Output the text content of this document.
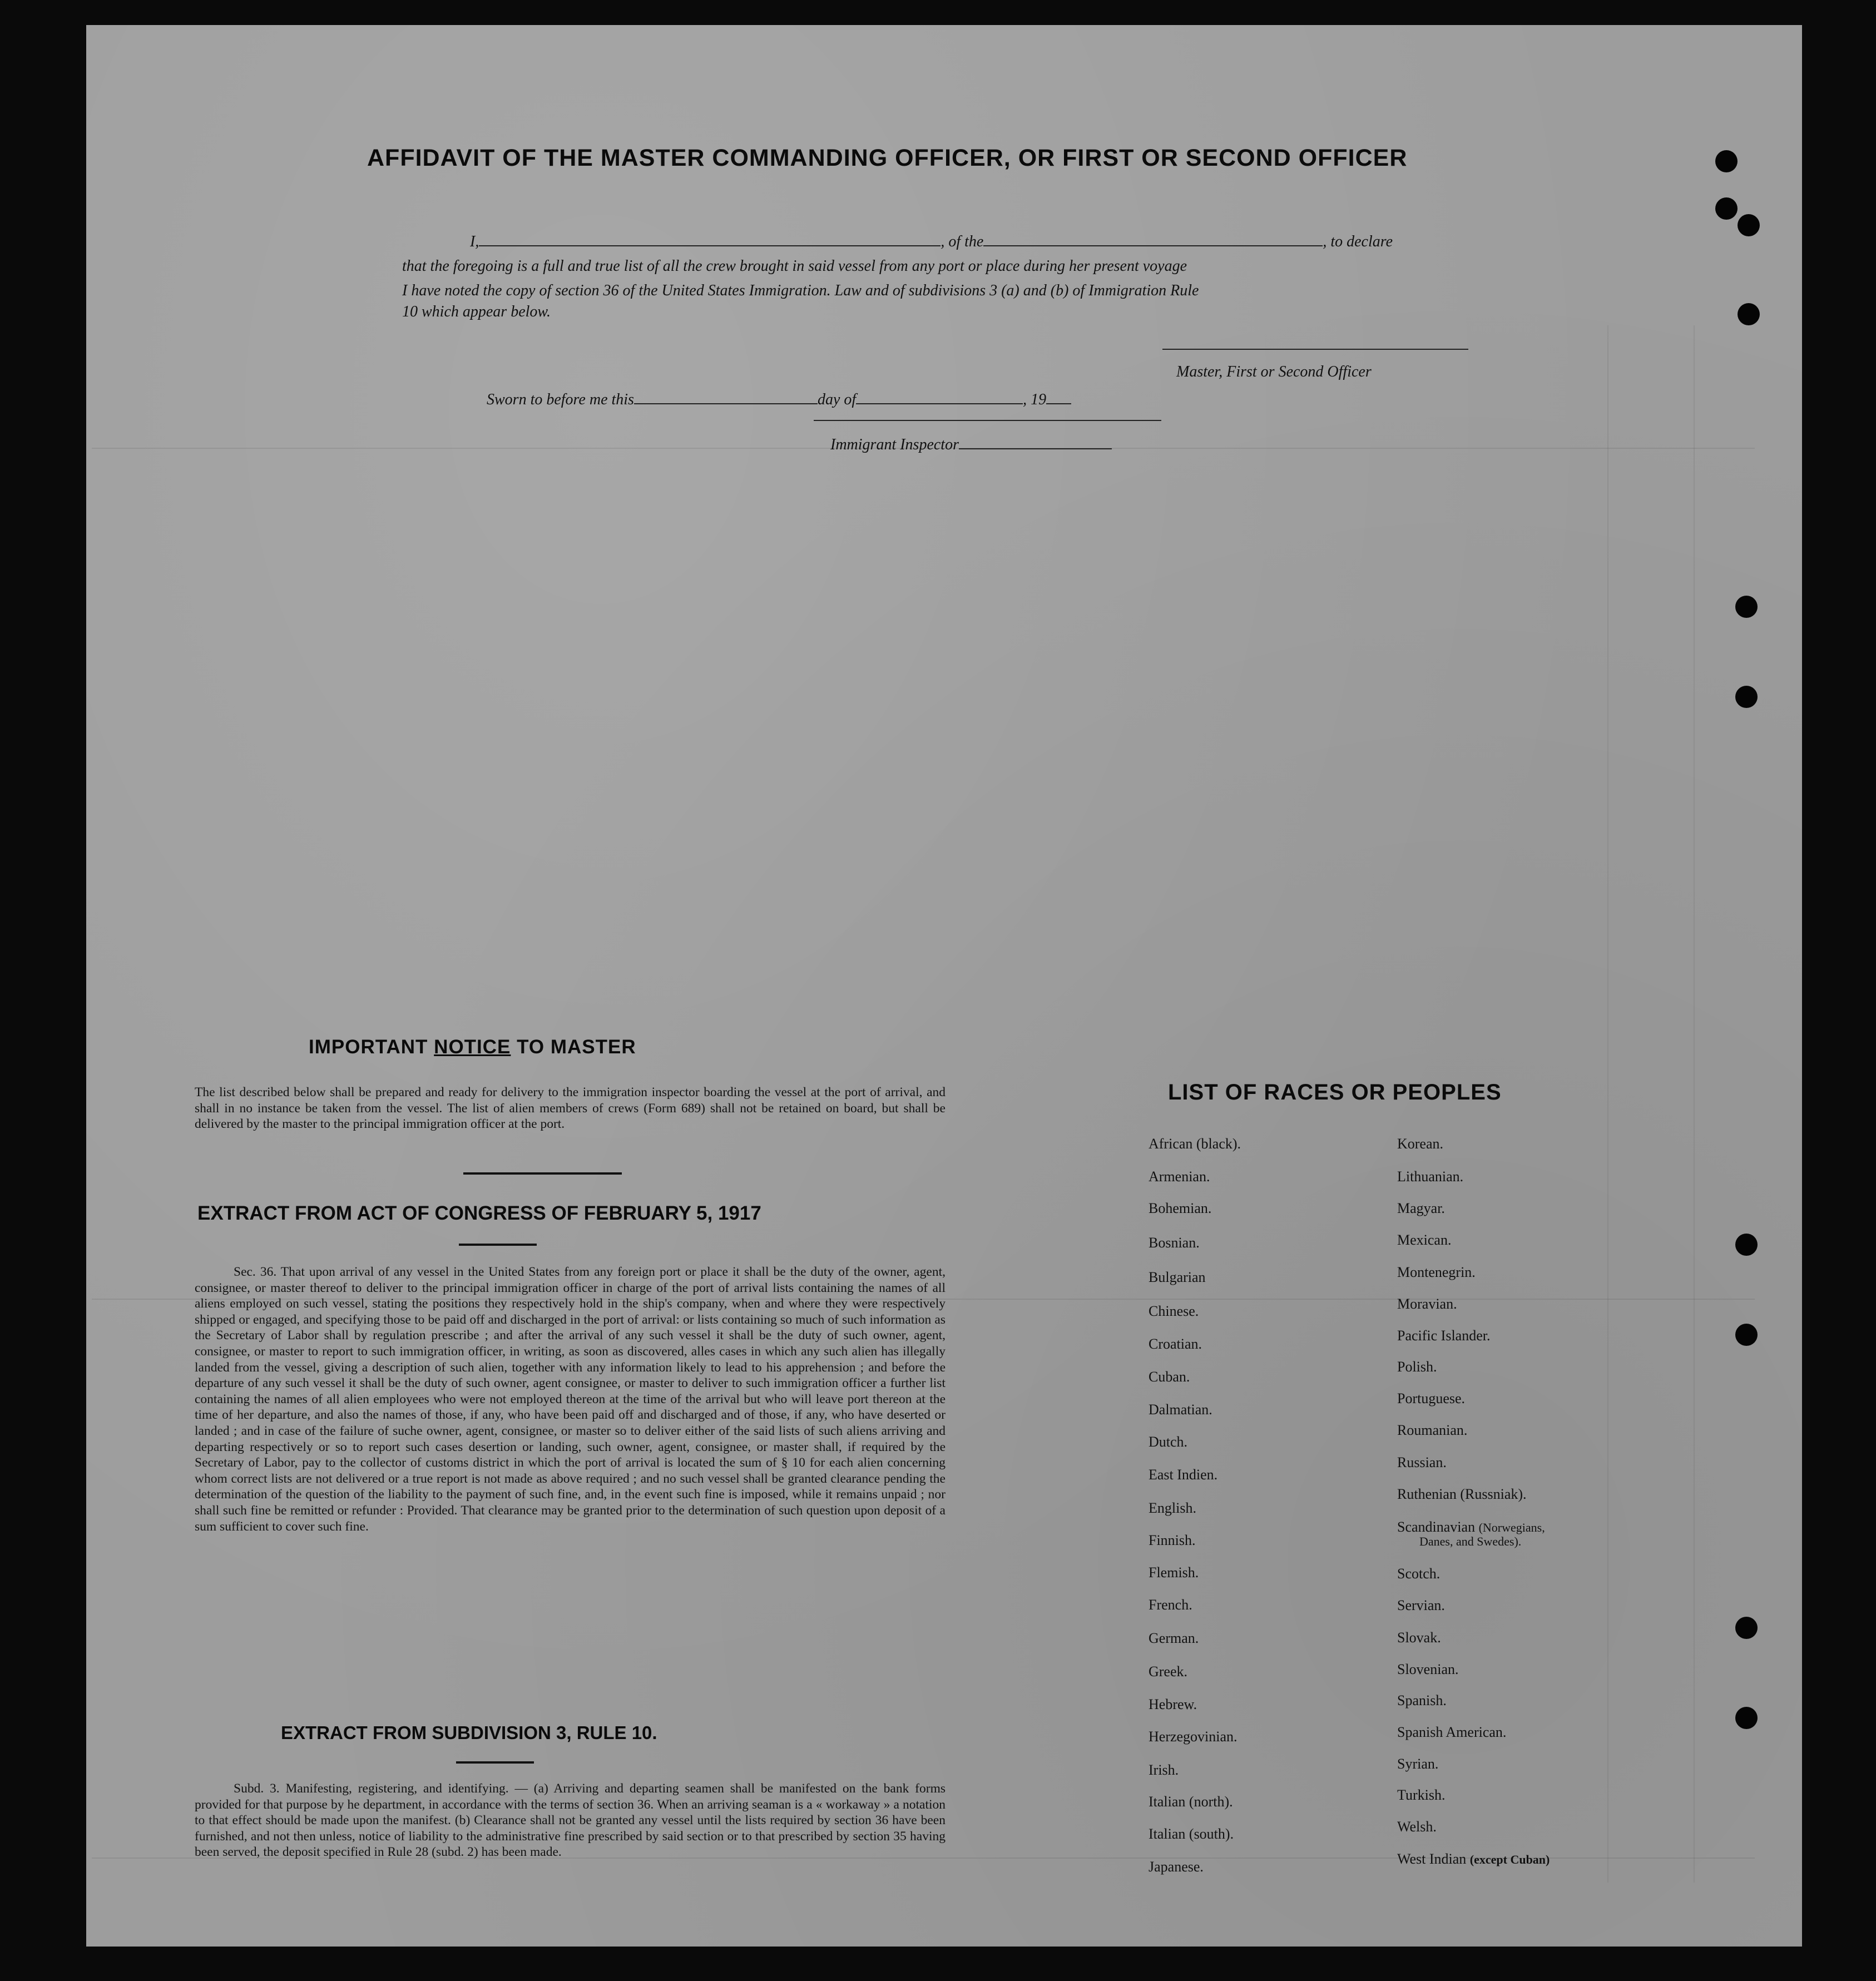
AFFIDAVIT OF THE MASTER COMMANDING OFFICER, OR FIRST OR SECOND OFFICER
I,	, of the	, to declare
that the foregoing is a full and true list of all the crew brought in said vessel from any port or place during her present voyage
I have noted the copy of section 36 of the United States Immigration. Law and of subdivisions 3 (a) and (b) of Immigration Rule
10 which appear below.
Master, First or Second Officer
Sworn to before me this	day of	, 19
Immigrant Inspector
IMPORTANT NOTICE TO MASTER

The list described below shall be prepared and ready for delivery to the immigration inspector boarding the vessel at the port of arrival, and shall in no instance be taken from the vessel. The list of alien members of crews (Form 689) shall not be retained on board, but shall be delivered by the master to the principal immigration officer at the port.

EXTRACT FROM ACT OF CONGRESS OF FEBRUARY 5, 1917

Sec. 36. That upon arrival of any vessel in the United States from any foreign port or place it shall be the duty of the owner, agent, consignee, or master thereof to deliver to the principal immigration officer in charge of the port of arrival lists containing the names of all aliens employed on such vessel, stating the positions they respectively hold in the ship's company, when and where they were respectively shipped or engaged, and specifying those to be paid off and discharged in the port of arrival: or lists containing so much of such information as the Secretary of Labor shall by regulation prescribe ; and after the arrival of any such vessel it shall be the duty of such owner, agent, consignee, or master to report to such immigration officer, in writing, as soon as discovered, alles cases in which any such alien has illegally landed from the vessel, giving a description of such alien, together with any information likely to lead to his apprehension ; and before the departure of any such vessel it shall be the duty of such owner, agent consignee, or master to deliver to such immigration officer a further list containing the names of all alien employees who were not employed thereon at the time of the arrival but who will leave port thereon at the time of her departure, and also the names of those, if any, who have been paid off and discharged and of those, if any, who have deserted or landed ; and in case of the failure of suche owner, agent, consignee, or master so to deliver either of the said lists of such aliens arriving and departing respectively or so to report such cases desertion or landing, such owner, agent, consignee, or master shall, if required by the Secretary of Labor, pay to the collector of customs district in which the port of arrival is located the sum of § 10 for each alien concerning whom correct lists are not delivered or a true report is not made as above required ; and no such vessel shall be granted clearance pending the determination of the question of the liability to the payment of such fine, and, in the event such fine is imposed, while it remains unpaid ; nor shall such fine be remitted or refunder : Provided. That clearance may be granted prior to the determination of such question upon deposit of a sum sufficient to cover such fine.

EXTRACT FROM SUBDIVISION 3, RULE 10.

Subd. 3. Manifesting, registering, and identifying. — (a) Arriving and departing seamen shall be manifested on the bank forms provided for that purpose by he department, in accordance with the terms of section 36. When an arriving seaman is a « workaway » a notation to that effect should be made upon the manifest. (b) Clearance shall not be granted any vessel until the lists required by section 36 have been furnished, and not then unless, notice of liability to the administrative fine prescribed by said section or to that prescribed by section 35 having been served, the deposit specified in Rule 28 (subd. 2) has been made.

LIST OF RACES OR PEOPLES
African (black).
Armenian.
Bohemian.
Bosnian.
Bulgarian
Chinese.
Croatian.
Cuban.
Dalmatian.
Dutch.
East Indien.
English.
Finnish.
Flemish.
French.
German.
Greek.
Hebrew.
Herzegovinian.
Irish.
Italian (north).
Italian (south).
Japanese.
Korean.
Lithuanian.
Magyar.
Mexican.
Montenegrin.
Moravian.
Pacific Islander.
Polish.
Portuguese.
Roumanian.
Russian.
Ruthenian (Russniak).
Scandinavian (Norwegians,
Danes, and Swedes).
Scotch.
Servian.
Slovak.
Slovenian.
Spanish.
Spanish American.
Syrian.
Turkish.
Welsh.
West Indian (except Cuban)
